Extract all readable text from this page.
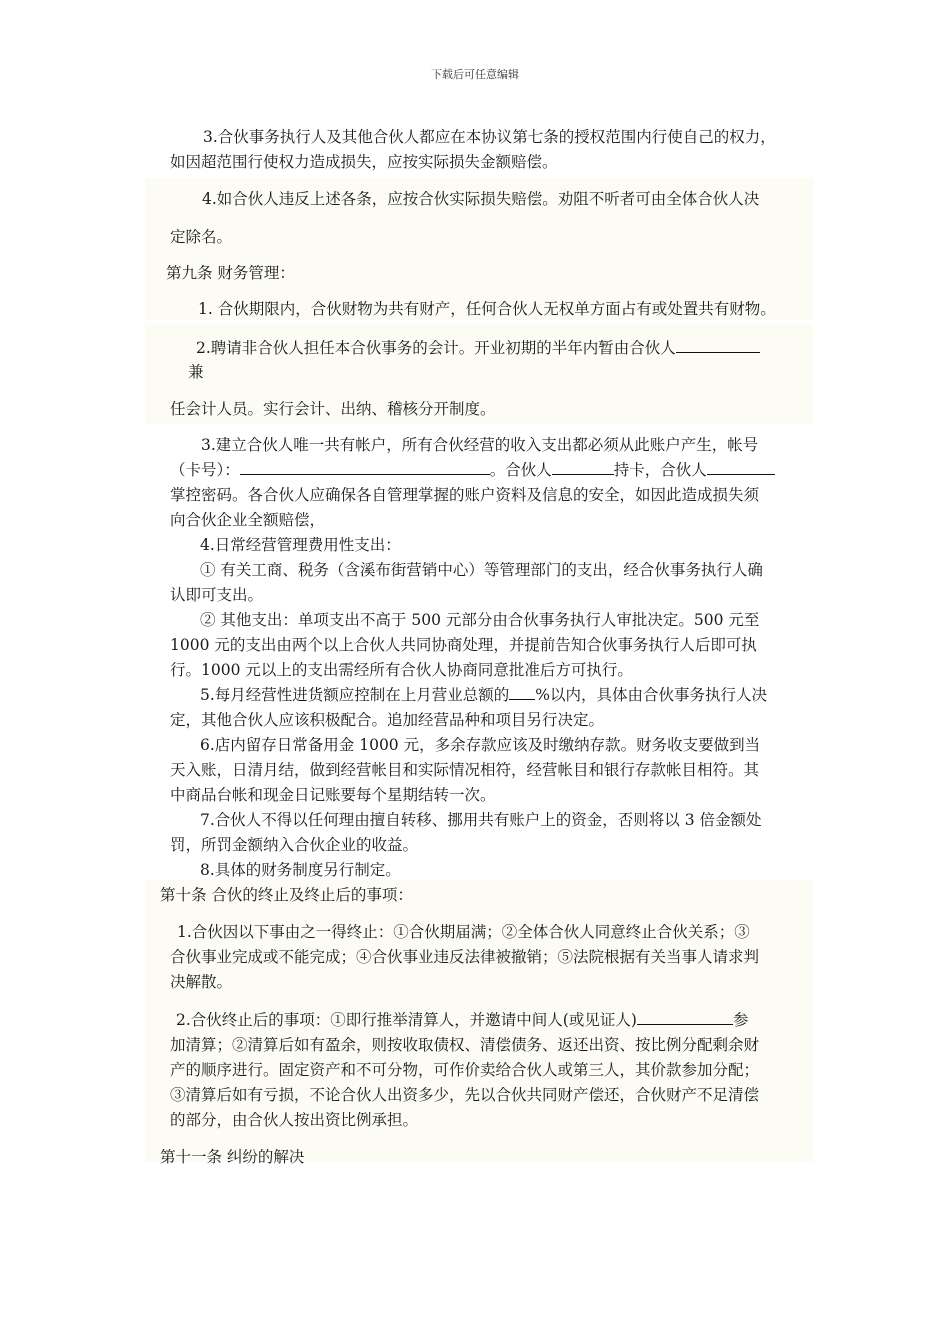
下载后可任意编辑

3.合伙事务执行人及其他合伙人都应在本协议第七条的授权范围内行使自己的权力，

如因超范围行使权力造成损失，应按实际损失金额赔偿。

4.如合伙人违反上述各条，应按合伙实际损失赔偿。劝阻不听者可由全体合伙人决

定除名。

第九条 财务管理：

1. 合伙期限内，合伙财物为共有财产，任何合伙人无权单方面占有或处置共有财物。

2.聘请非合伙人担任本合伙事务的会计。开业初期的半年内暂由合伙人

兼

任会计人员。实行会计、出纳、稽核分开制度。

3.建立合伙人唯一共有帐户，所有合伙经营的收入支出都必须从此账户产生，帐号

（卡号）：	。合伙人	持卡，合伙人

掌控密码。各合伙人应确保各自管理掌握的账户资料及信息的安全，如因此造成损失须

向合伙企业全额赔偿，

4.日常经营管理费用性支出：

① 有关工商、税务（含溪布街营销中心）等管理部门的支出，经合伙事务执行人确

认即可支出。

② 其他支出：单项支出不高于 500 元部分由合伙事务执行人审批决定。500 元至

1000 元的支出由两个以上合伙人共同协商处理，并提前告知合伙事务执行人后即可执

行。1000 元以上的支出需经所有合伙人协商同意批准后方可执行。

5.每月经营性进货额应控制在上月营业总额的 %以内，具体由合伙事务执行人决

定，其他合伙人应该积极配合。追加经营品种和项目另行决定。

6.店内留存日常备用金 1000 元，多余存款应该及时缴纳存款。财务收支要做到当

天入账，日清月结，做到经营帐目和实际情况相符，经营帐目和银行存款帐目相符。其

中商品台帐和现金日记账要每个星期结转一次。

7.合伙人不得以任何理由擅自转移、挪用共有账户上的资金，否则将以 3 倍金额处

罚，所罚金额纳入合伙企业的收益。

8.具体的财务制度另行制定。

第十条 合伙的终止及终止后的事项：

1.合伙因以下事由之一得终止：①合伙期届满；②全体合伙人同意终止合伙关系；③

合伙事业完成或不能完成；④合伙事业违反法律被撤销；⑤法院根据有关当事人请求判

决解散。

2.合伙终止后的事项：①即行推举清算人，并邀请中间人(或见证人)	参

加清算；②清算后如有盈余，则按收取债权、清偿债务、返还出资、按比例分配剩余财

产的顺序进行。固定资产和不可分物，可作价卖给合伙人或第三人，其价款参加分配；

③清算后如有亏损，不论合伙人出资多少，先以合伙共同财产偿还，合伙财产不足清偿

的部分，由合伙人按出资比例承担。

第十一条 纠纷的解决
